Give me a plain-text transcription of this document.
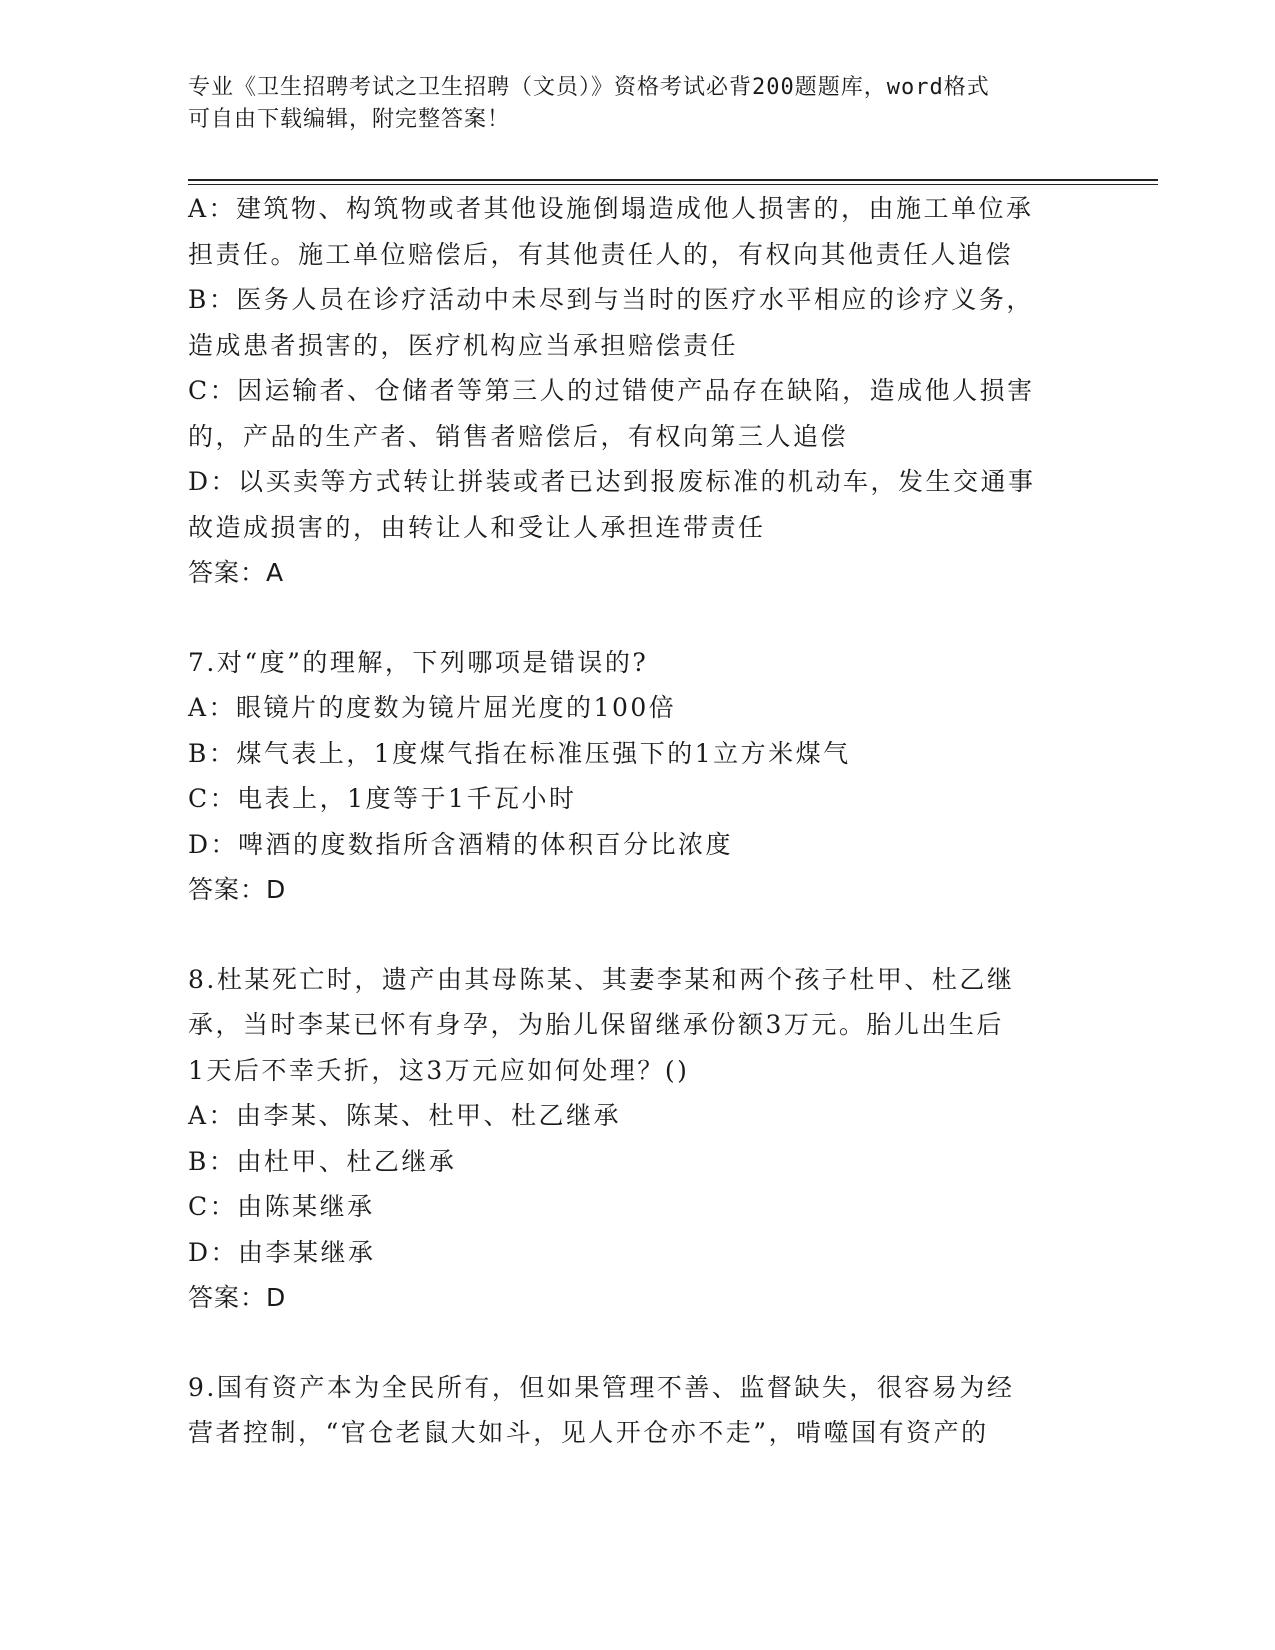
专业《卫生招聘考试之卫生招聘（文员）》资格考试必背200题题库，word格式
可自由下载编辑，附完整答案！
A：建筑物、构筑物或者其他设施倒塌造成他人损害的，由施工单位承
担责任。施工单位赔偿后，有其他责任人的，有权向其他责任人追偿
B：医务人员在诊疗活动中未尽到与当时的医疗水平相应的诊疗义务，
造成患者损害的，医疗机构应当承担赔偿责任
C：因运输者、仓储者等第三人的过错使产品存在缺陷，造成他人损害
的，产品的生产者、销售者赔偿后，有权向第三人追偿
D：以买卖等方式转让拼装或者已达到报废标准的机动车，发生交通事
故造成损害的，由转让人和受让人承担连带责任
答案：A
7.对“度”的理解，下列哪项是错误的?
A：眼镜片的度数为镜片屈光度的100倍
B：煤气表上，1度煤气指在标准压强下的1立方米煤气
C：电表上，1度等于1千瓦小时
D：啤酒的度数指所含酒精的体积百分比浓度
答案：D
8.杜某死亡时，遗产由其母陈某、其妻李某和两个孩子杜甲、杜乙继
承，当时李某已怀有身孕，为胎儿保留继承份额3万元。胎儿出生后
1天后不幸夭折，这3万元应如何处理？()
A：由李某、陈某、杜甲、杜乙继承
B：由杜甲、杜乙继承
C：由陈某继承
D：由李某继承
答案：D
9.国有资产本为全民所有，但如果管理不善、监督缺失，很容易为经
营者控制，“官仓老鼠大如斗，见人开仓亦不走”，啃噬国有资产的
